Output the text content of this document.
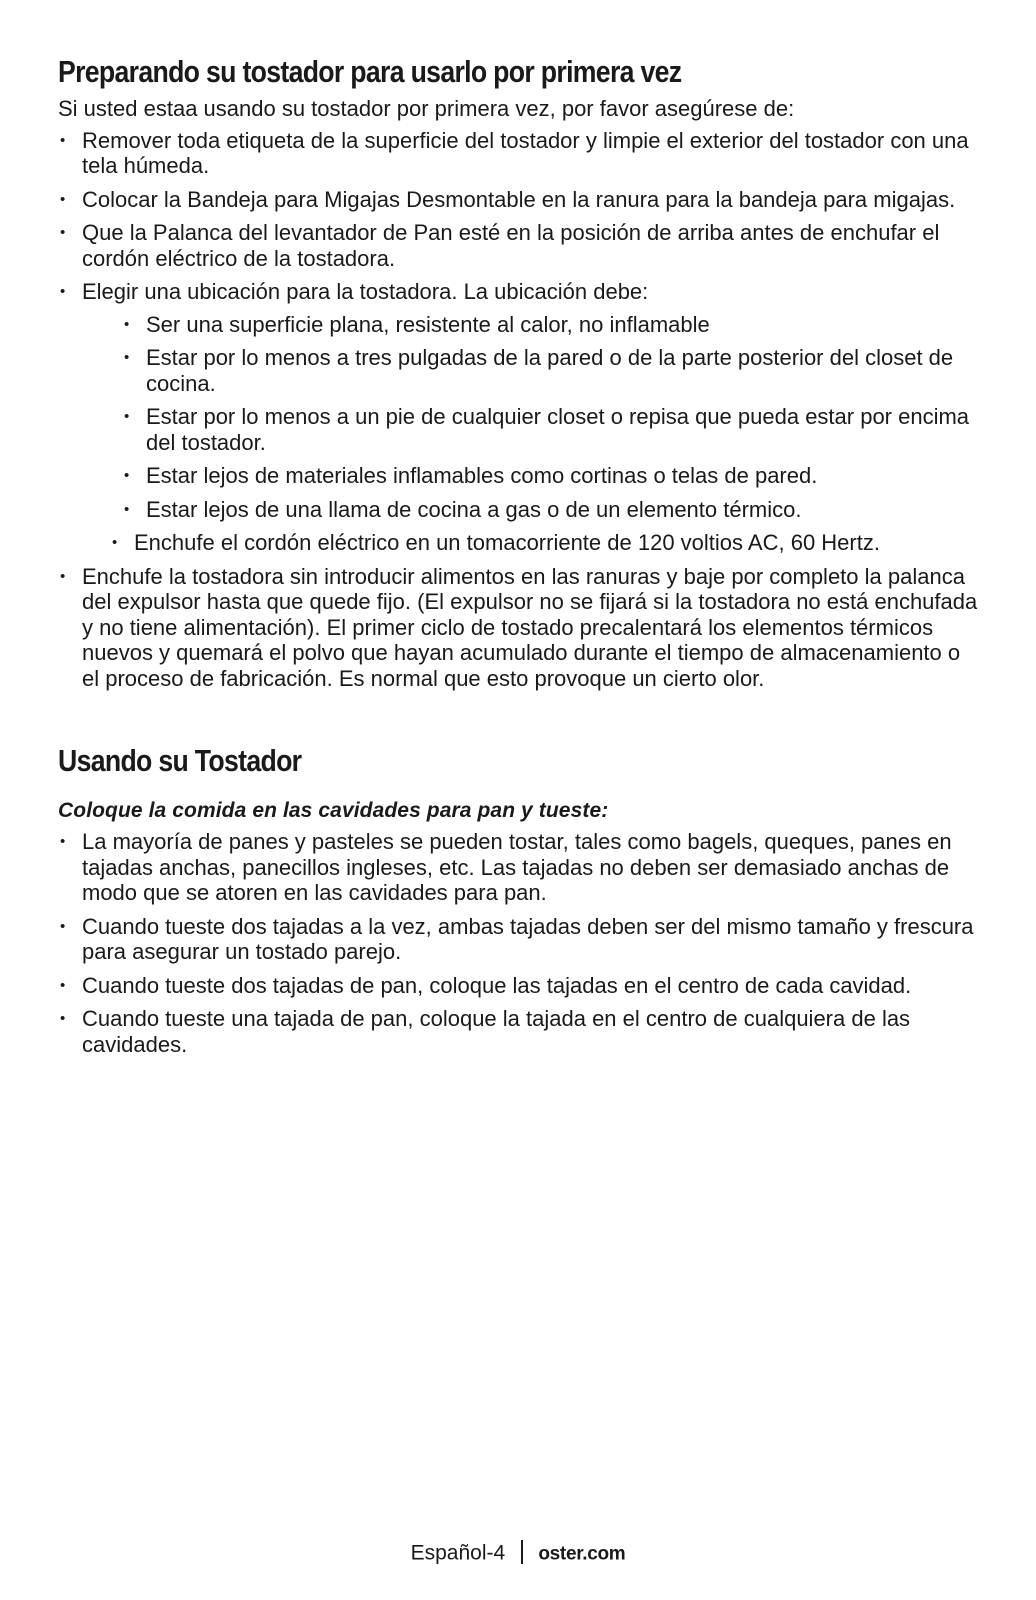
Preparando su tostador para usarlo por primera vez

Si usted estaa usando su tostador por primera vez, por favor asegúrese de:

• Remover toda etiqueta de la superficie del tostador y limpie el exterior del tostador con una tela húmeda.
• Colocar la Bandeja para Migajas Desmontable en la ranura para la bandeja para migajas.
• Que la Palanca del levantador de Pan esté en la posición de arriba antes de enchufar el cordón eléctrico de la tostadora.
• Elegir una ubicación para la tostadora. La ubicación debe:
• Ser una superficie plana, resistente al calor, no inflamable
• Estar por lo menos a tres pulgadas de la pared o de la parte posterior del closet de cocina.
• Estar por lo menos a un pie de cualquier closet o repisa que pueda estar por encima del tostador.
• Estar lejos de materiales inflamables como cortinas o telas de pared.
• Estar lejos de una llama de cocina a gas o de un elemento térmico.
• Enchufe el cordón eléctrico en un tomacorriente de 120 voltios AC, 60 Hertz.
• Enchufe la tostadora sin introducir alimentos en las ranuras y baje por completo la palanca del expulsor hasta que quede fijo. (El expulsor no se fijará si la tostadora no está enchufada y no tiene alimentación). El primer ciclo de tostado precalentará los elementos térmicos nuevos y quemará el polvo que hayan acumulado durante el tiempo de almacenamiento o el proceso de fabricación. Es normal que esto provoque un cierto olor.
Usando su Tostador
Coloque la comida en las cavidades para pan y tueste:
• La mayoría de panes y pasteles se pueden tostar, tales como bagels, queques, panes en tajadas anchas, panecillos ingleses, etc. Las tajadas no deben ser demasiado anchas de modo que se atoren en las cavidades para pan.
• Cuando tueste dos tajadas a la vez, ambas tajadas deben ser del mismo tamaño y frescura para asegurar un tostado parejo.
• Cuando tueste dos tajadas de pan, coloque las tajadas en el centro de cada cavidad.
• Cuando tueste una tajada de pan, coloque la tajada en el centro de cualquiera de las cavidades.
Español-4 oster.com
